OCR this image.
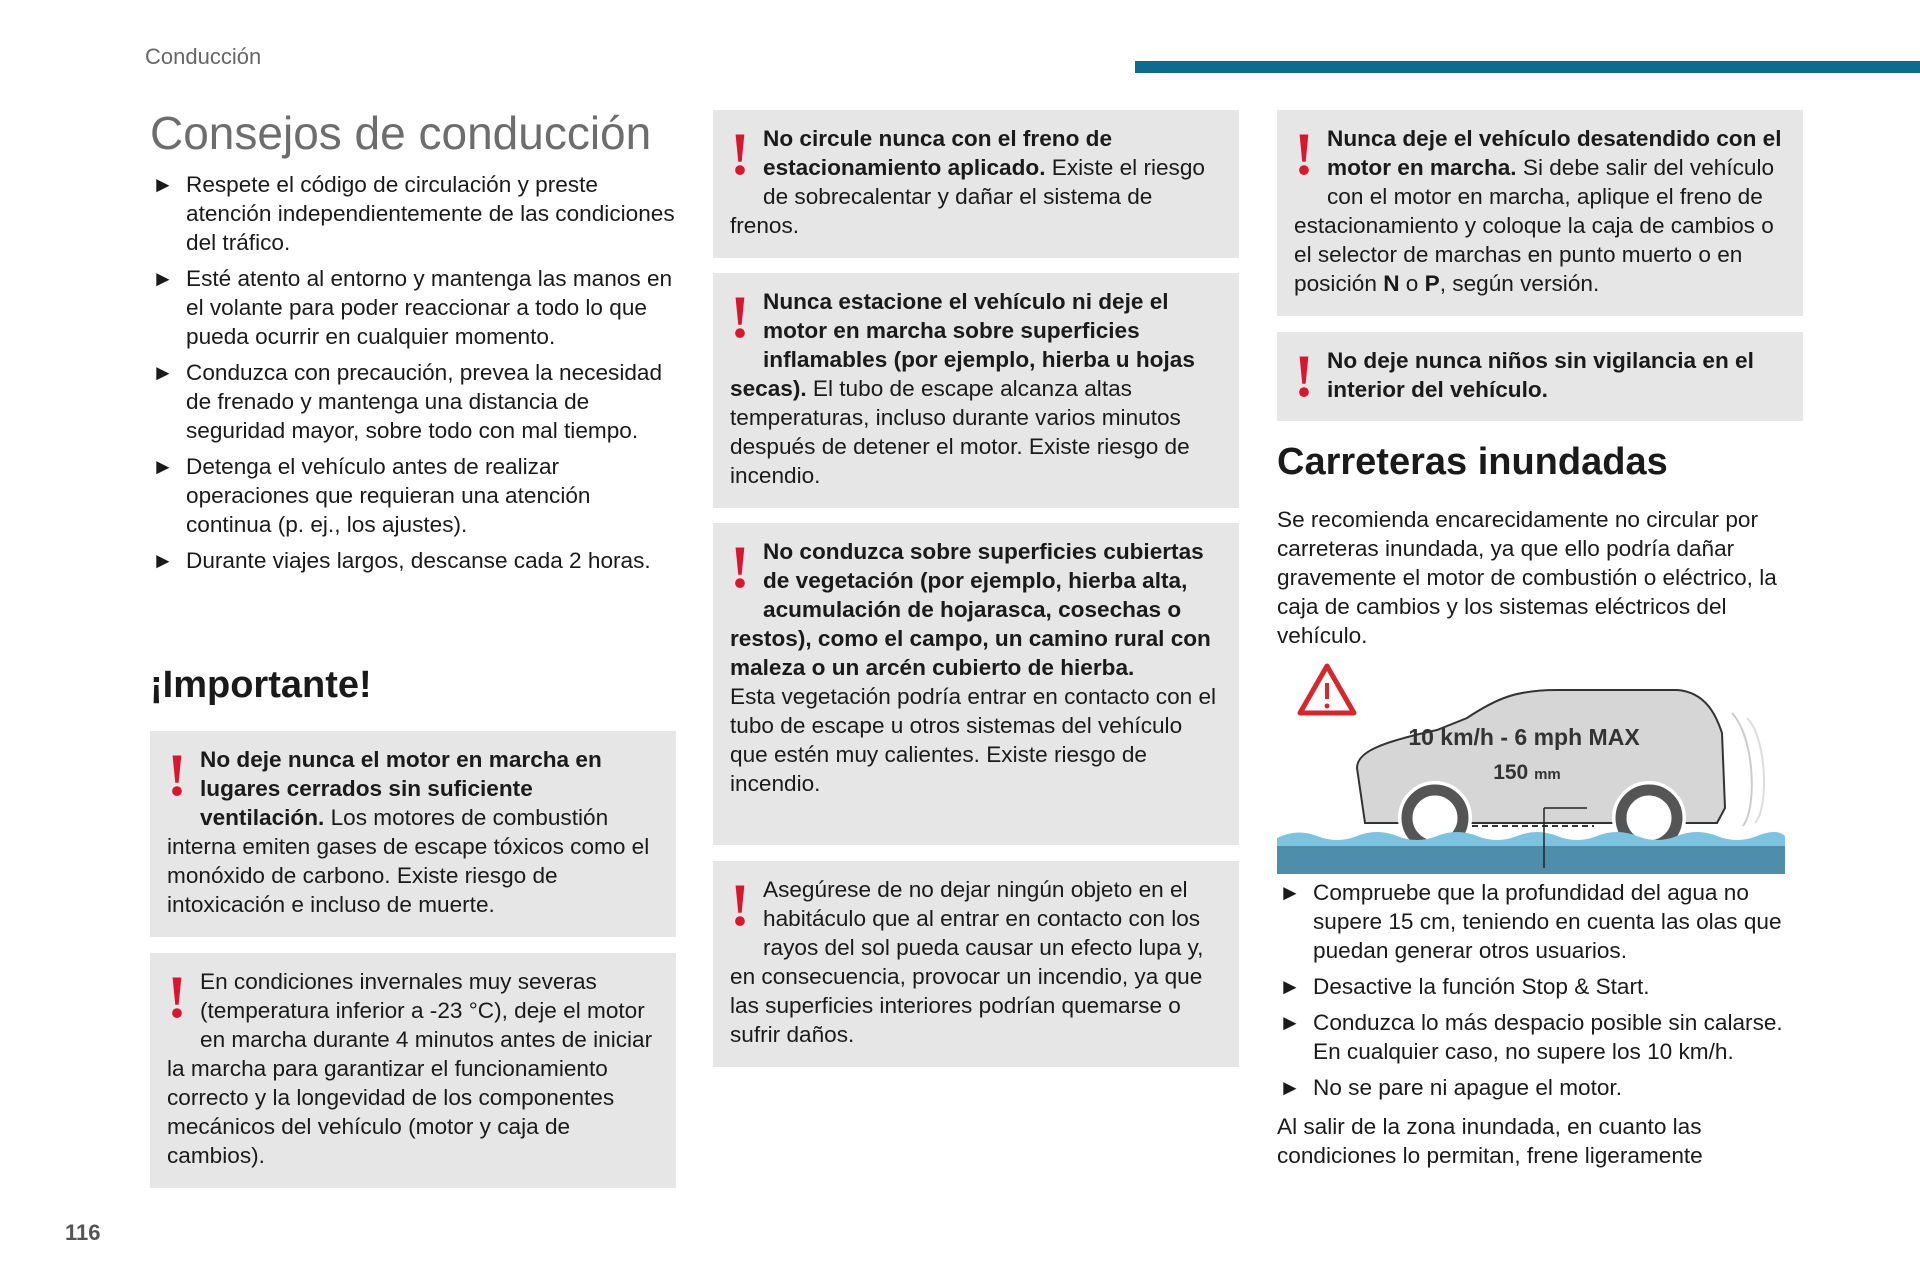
Conducción
Consejos de conducción
► Respete el código de circulación y preste atención independientemente de las condiciones del tráfico.
► Esté atento al entorno y mantenga las manos en el volante para poder reaccionar a todo lo que pueda ocurrir en cualquier momento.
► Conduzca con precaución, prevea la necesidad de frenado y mantenga una distancia de seguridad mayor, sobre todo con mal tiempo.
► Detenga el vehículo antes de realizar operaciones que requieran una atención continua (p. ej., los ajustes).
► Durante viajes largos, descanse cada 2 horas.
¡Importante!
! No deje nunca el motor en marcha en lugares cerrados sin suficiente ventilación. Los motores de combustión interna emiten gases de escape tóxicos como el monóxido de carbono. Existe riesgo de intoxicación e incluso de muerte.
! En condiciones invernales muy severas (temperatura inferior a -23 °C), deje el motor en marcha durante 4 minutos antes de iniciar la marcha para garantizar el funcionamiento correcto y la longevidad de los componentes mecánicos del vehículo (motor y caja de cambios).
! No circule nunca con el freno de estacionamiento aplicado. Existe el riesgo de sobrecalentar y dañar el sistema de frenos.
! Nunca estacione el vehículo ni deje el motor en marcha sobre superficies inflamables (por ejemplo, hierba u hojas secas). El tubo de escape alcanza altas temperaturas, incluso durante varios minutos después de detener el motor. Existe riesgo de incendio.
! No conduzca sobre superficies cubiertas de vegetación (por ejemplo, hierba alta, acumulación de hojarasca, cosechas o restos), como el campo, un camino rural con maleza o un arcén cubierto de hierba.
Esta vegetación podría entrar en contacto con el tubo de escape u otros sistemas del vehículo que estén muy calientes. Existe riesgo de incendio.
! Asegúrese de no dejar ningún objeto en el habitáculo que al entrar en contacto con los rayos del sol pueda causar un efecto lupa y, en consecuencia, provocar un incendio, ya que las superficies interiores podrían quemarse o sufrir daños.
! Nunca deje el vehículo desatendido con el motor en marcha. Si debe salir del vehículo con el motor en marcha, aplique el freno de estacionamiento y coloque la caja de cambios o el selector de marchas en punto muerto o en posición N o P, según versión.
! No deje nunca niños sin vigilancia en el interior del vehículo.
Carreteras inundadas

Se recomienda encarecidamente no circular por carreteras inundada, ya que ello podría dañar gravemente el motor de combustión o eléctrico, la caja de cambios y los sistemas eléctricos del vehículo.

10 km/h - 6 mph MAX
150 mm
► Compruebe que la profundidad del agua no supere 15 cm, teniendo en cuenta las olas que puedan generar otros usuarios.
► Desactive la función Stop & Start.
► Conduzca lo más despacio posible sin calarse. En cualquier caso, no supere los 10 km/h.
► No se pare ni apague el motor.

Al salir de la zona inundada, en cuanto las condiciones lo permitan, frene ligeramente

116
